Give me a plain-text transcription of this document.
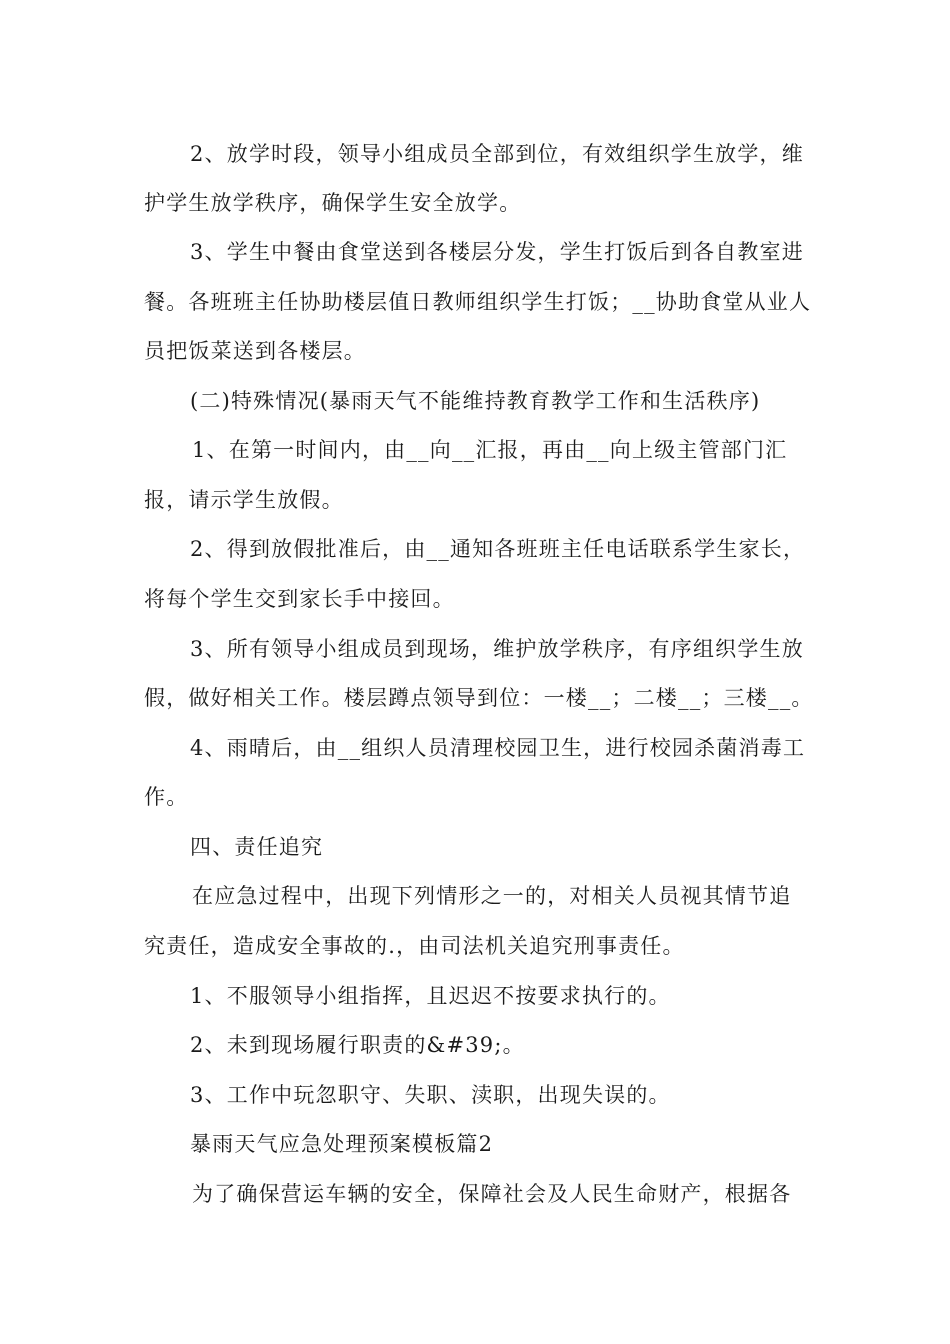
2、放学时段，领导小组成员全部到位，有效组织学生放学，维
护学生放学秩序，确保学生安全放学。
3、学生中餐由食堂送到各楼层分发，学生打饭后到各自教室进
餐。各班班主任协助楼层值日教师组织学生打饭；__协助食堂从业人
员把饭菜送到各楼层。
(二)特殊情况(暴雨天气不能维持教育教学工作和生活秩序)
1、在第一时间内，由__向__汇报，再由__向上级主管部门汇
报，请示学生放假。
2、得到放假批准后，由__通知各班班主任电话联系学生家长，
将每个学生交到家长手中接回。
3、所有领导小组成员到现场，维护放学秩序，有序组织学生放
假，做好相关工作。楼层蹲点领导到位：一楼__；二楼__；三楼__。
4、雨晴后，由__组织人员清理校园卫生，进行校园杀菌消毒工
作。
四、责任追究
在应急过程中，出现下列情形之一的，对相关人员视其情节追
究责任，造成安全事故的.，由司法机关追究刑事责任。
1、不服领导小组指挥，且迟迟不按要求执行的。
2、未到现场履行职责的&#39;。
3、工作中玩忽职守、失职、渎职，出现失误的。
暴雨天气应急处理预案模板篇2
为了确保营运车辆的安全，保障社会及人民生命财产，根据各
